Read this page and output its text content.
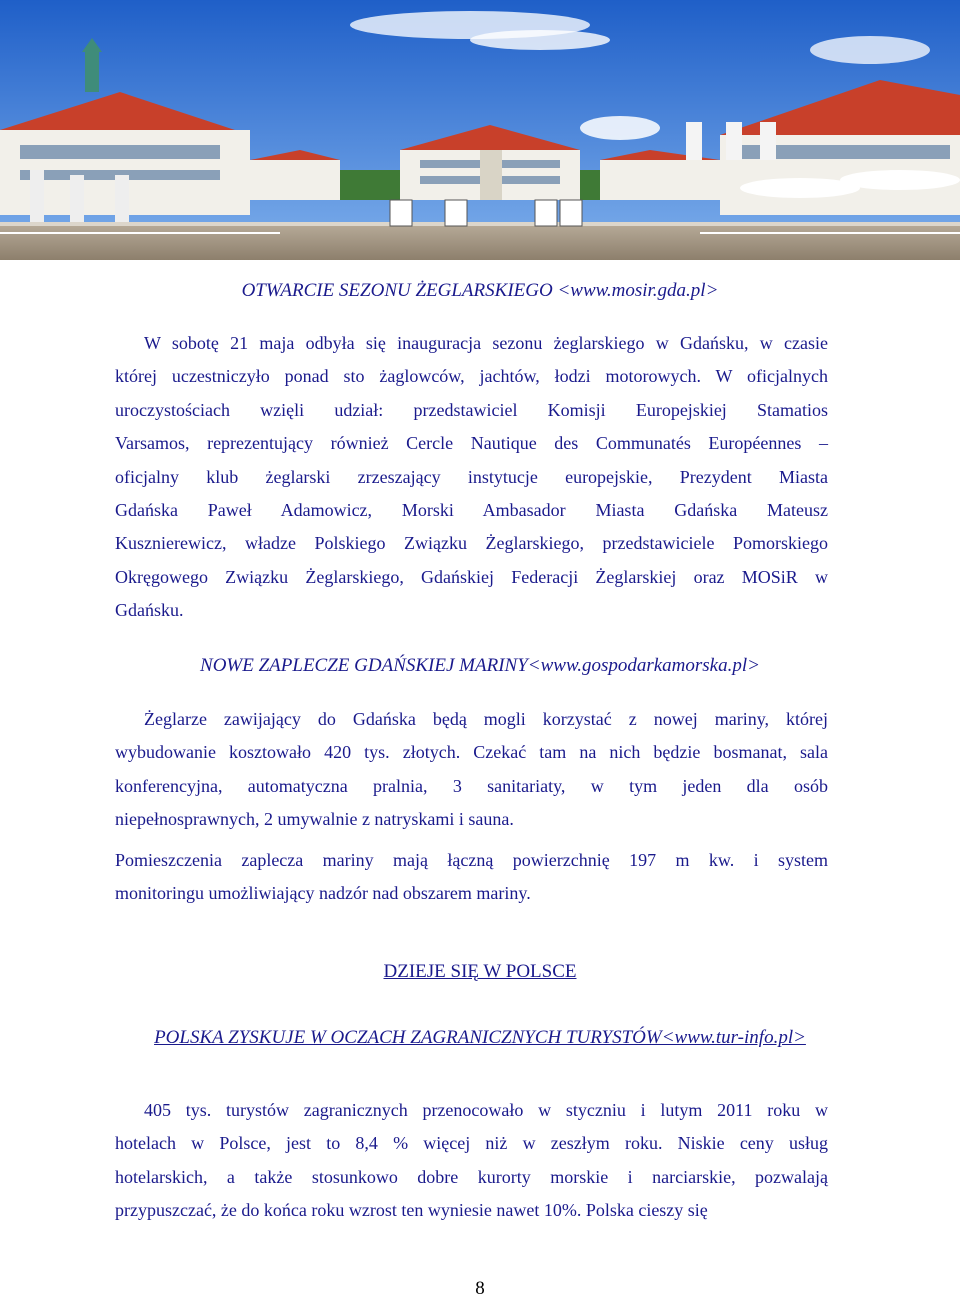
OTWARCIE SEZONU ŻEGLARSKIEGO <www.mosir.gda.pl>
W sobotę 21 maja odbyła się inauguracja sezonu żeglarskiego w Gdańsku, w czasie
której uczestniczyło ponad sto żaglowców, jachtów, łodzi motorowych. W oficjalnych
uroczystościach wzięli udział: przedstawiciel Komisji Europejskiej Stamatios
Varsamos, reprezentujący również Cercle Nautique des Communatés Européennes –
oficjalny klub żeglarski zrzeszający instytucje europejskie, Prezydent Miasta
Gdańska Paweł Adamowicz, Morski Ambasador Miasta Gdańska Mateusz
Kusznierewicz, władze Polskiego Związku Żeglarskiego, przedstawiciele Pomorskiego
Okręgowego Związku Żeglarskiego, Gdańskiej Federacji Żeglarskiej oraz MOSiR w
Gdańsku.
NOWE ZAPLECZE GDAŃSKIEJ MARINY<www.gospodarkamorska.pl>
Żeglarze zawijający do Gdańska będą mogli korzystać z nowej mariny, której
wybudowanie kosztowało 420 tys. złotych. Czekać tam na nich będzie bosmanat, sala
konferencyjna, automatyczna pralnia, 3 sanitariaty, w tym jeden dla osób
niepełnosprawnych, 2 umywalnie z natryskami i sauna.
Pomieszczenia zaplecza mariny mają łączną powierzchnię 197 m kw. i system
monitoringu umożliwiający nadzór nad obszarem mariny.
DZIEJE SIĘ W POLSCE
POLSKA ZYSKUJE W OCZACH ZAGRANICZNYCH TURYSTÓW<www.tur-info.pl>
405 tys. turystów zagranicznych przenocowało w styczniu i lutym 2011 roku w
hotelach w Polsce, jest to 8,4 % więcej niż w zeszłym roku. Niskie ceny usług
hotelarskich, a także stosunkowo dobre kurorty morskie i narciarskie, pozwalają
przypuszczać, że do końca roku wzrost ten wyniesie nawet 10%. Polska cieszy się
8
